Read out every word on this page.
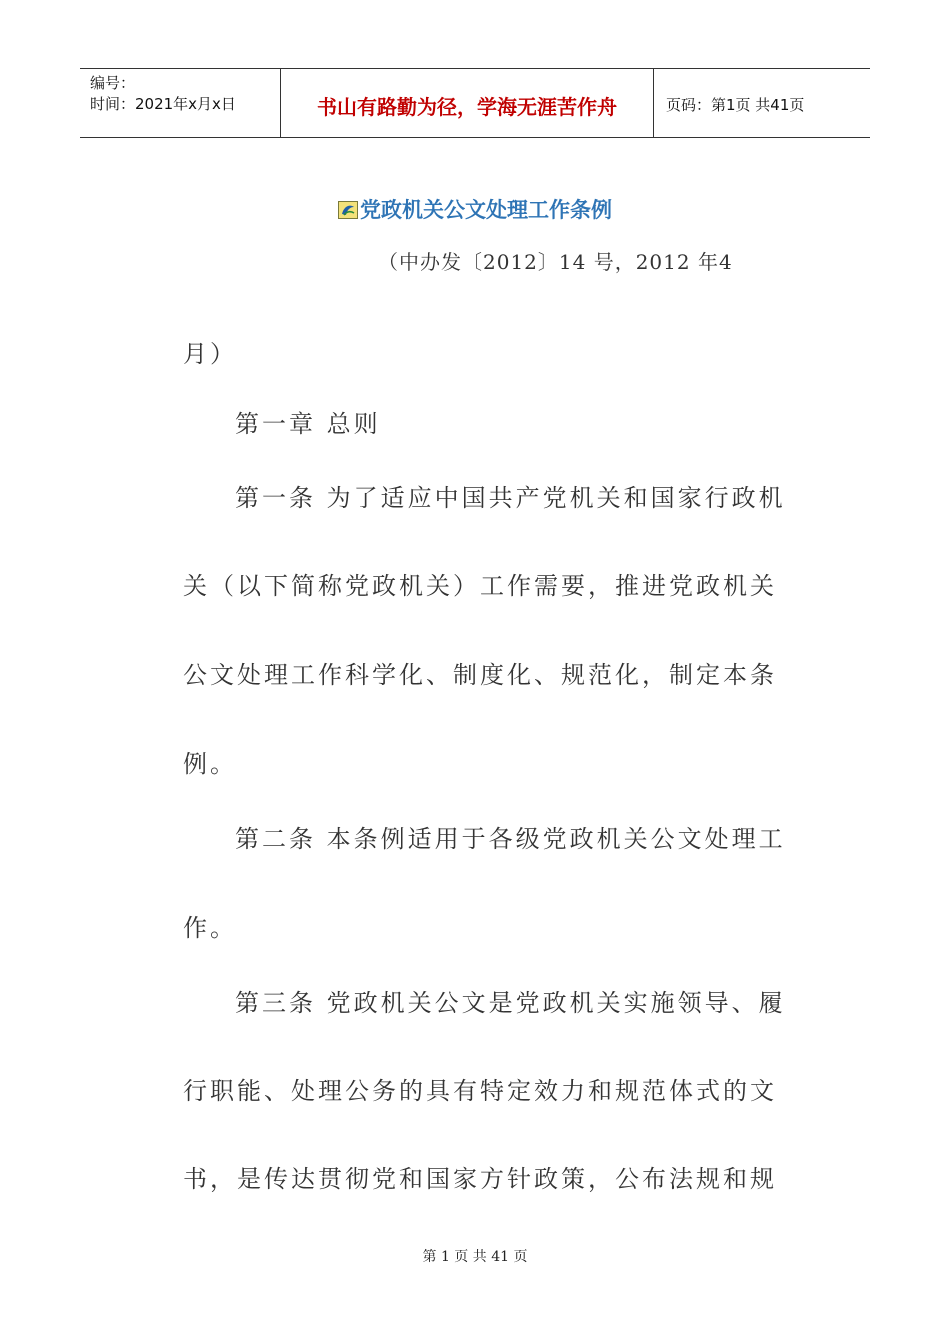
编号：
时间：2021年x月x日	书山有路勤为径，学海无涯苦作舟	页码：第1页 共41页
党政机关公文处理工作条例
（中办发〔2012〕14 号，2012 年4
月）
第一章 总则
第一条 为了适应中国共产党机关和国家行政机
关（以下简称党政机关）工作需要，推进党政机关
公文处理工作科学化、制度化、规范化，制定本条
例。
第二条 本条例适用于各级党政机关公文处理工
作。
第三条 党政机关公文是党政机关实施领导、履
行职能、处理公务的具有特定效力和规范体式的文
书，是传达贯彻党和国家方针政策，公布法规和规
第 1 页 共 41 页
